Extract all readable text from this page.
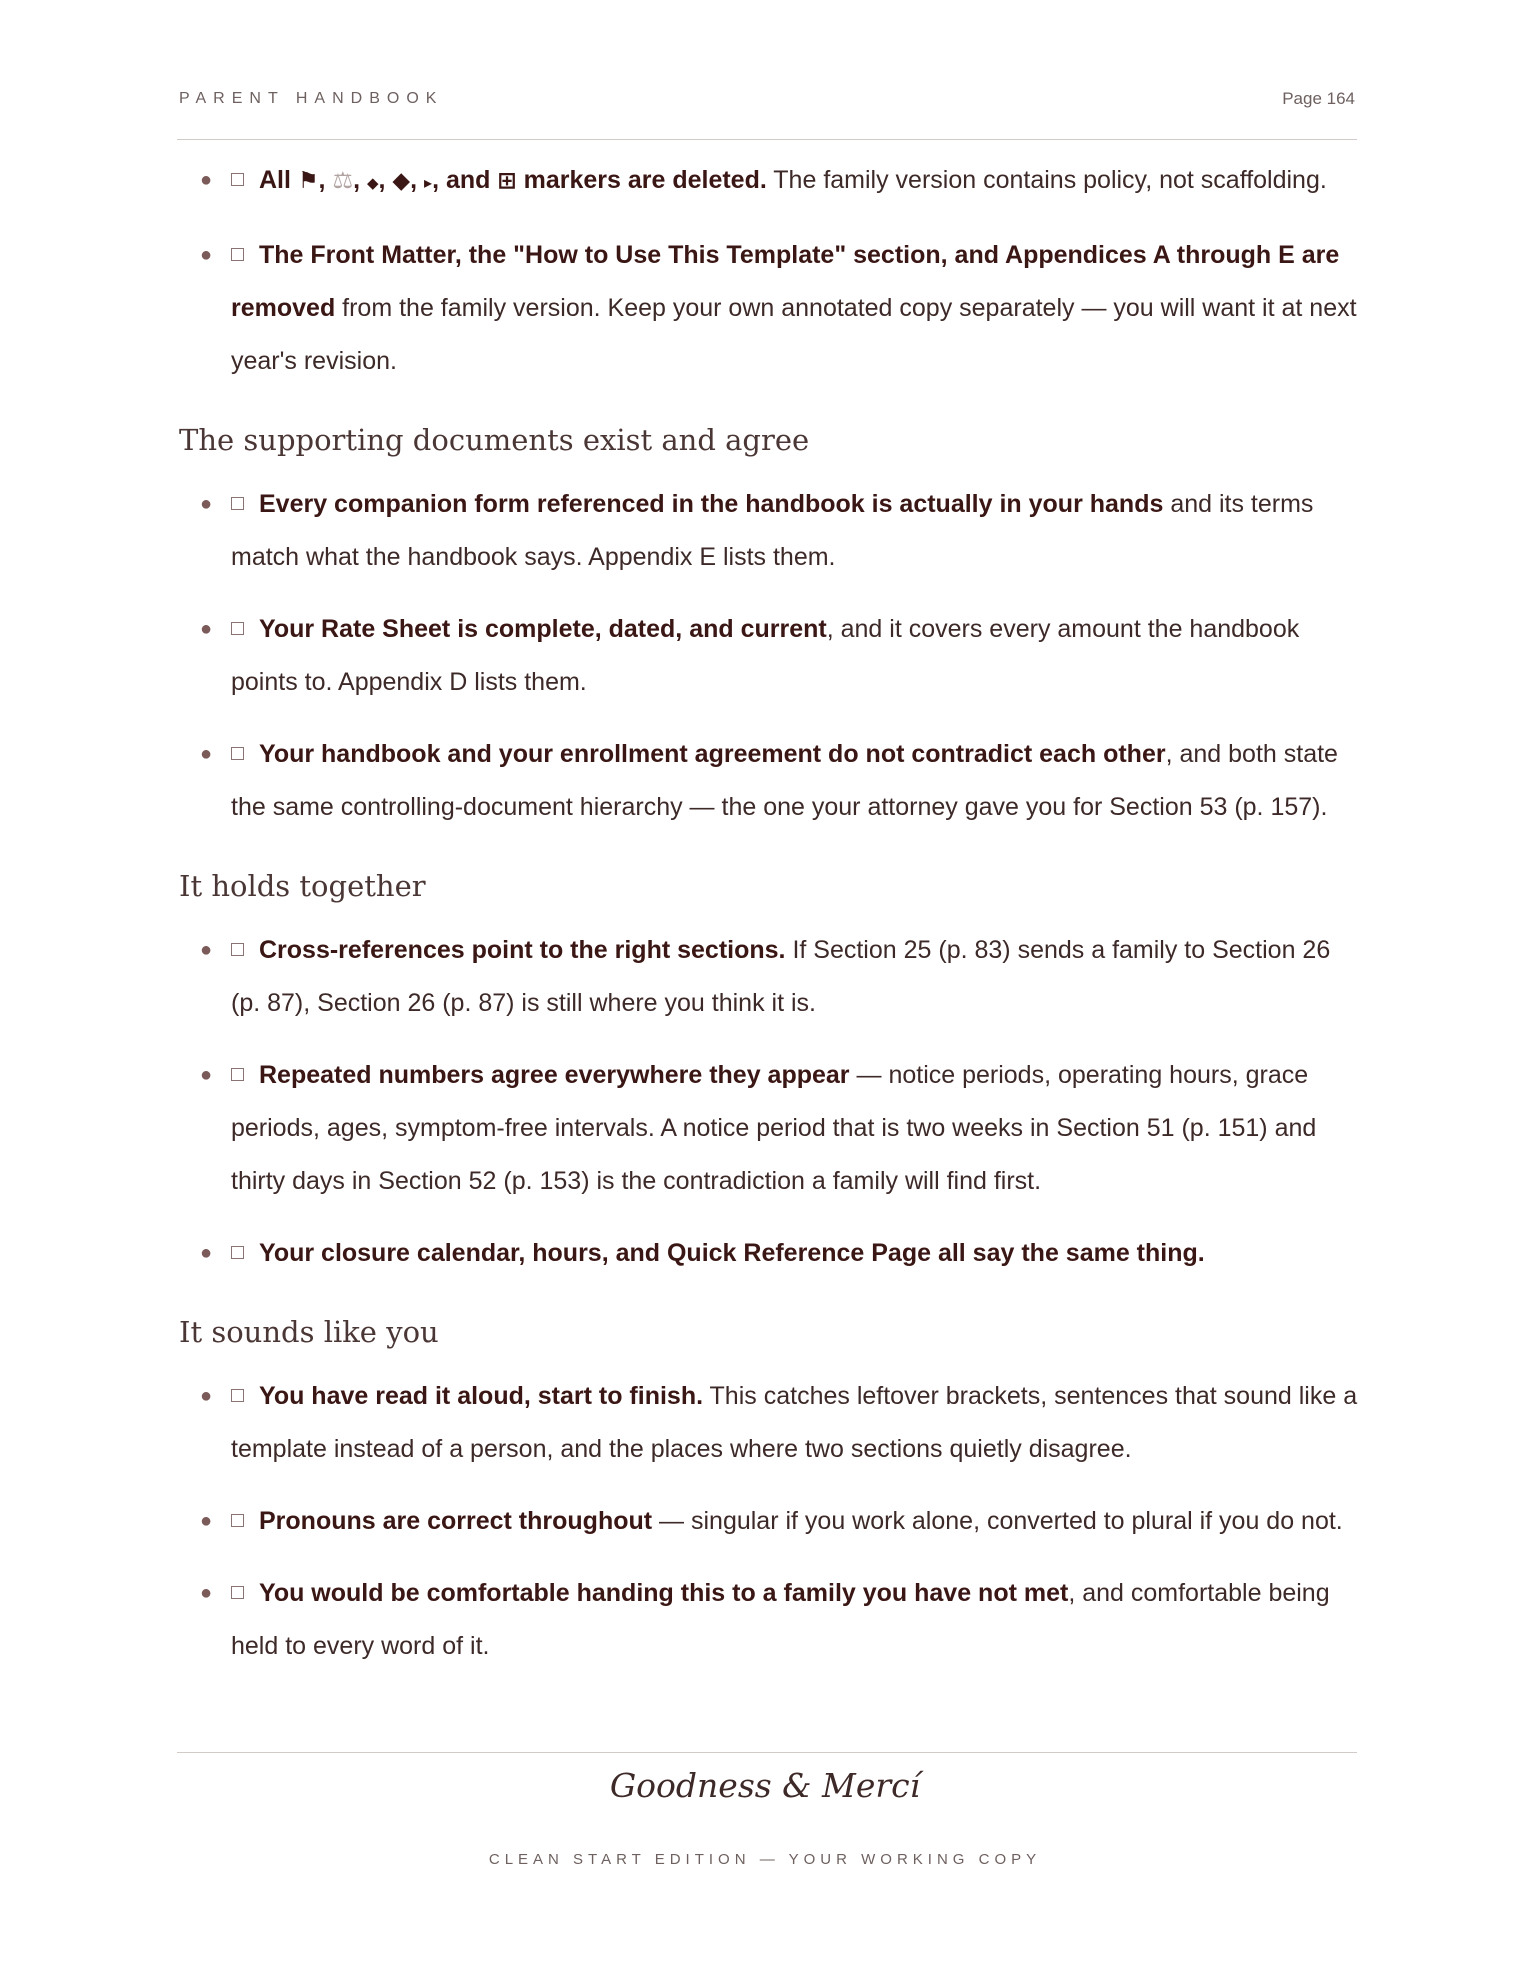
PARENT HANDBOOK	Page 164
● All ⚑, ⚖, ◆, ◆, ▸, and ⊞ markers are deleted. The family version contains policy, not scaffolding.
● The Front Matter, the "How to Use This Template" section, and Appendices A through E are removed from the family version. Keep your own annotated copy separately — you will want it at next year's revision.
The supporting documents exist and agree
● Every companion form referenced in the handbook is actually in your hands and its terms match what the handbook says. Appendix E lists them.
● Your Rate Sheet is complete, dated, and current, and it covers every amount the handbook points to. Appendix D lists them.
● Your handbook and your enrollment agreement do not contradict each other, and both state the same controlling-document hierarchy — the one your attorney gave you for Section 53 (p. 157).
It holds together
● Cross-references point to the right sections. If Section 25 (p. 83) sends a family to Section 26 (p. 87), Section 26 (p. 87) is still where you think it is.
● Repeated numbers agree everywhere they appear — notice periods, operating hours, grace periods, ages, symptom-free intervals. A notice period that is two weeks in Section 51 (p. 151) and thirty days in Section 52 (p. 153) is the contradiction a family will find first.
● Your closure calendar, hours, and Quick Reference Page all say the same thing.
It sounds like you
● You have read it aloud, start to finish. This catches leftover brackets, sentences that sound like a template instead of a person, and the places where two sections quietly disagree.
● Pronouns are correct throughout — singular if you work alone, converted to plural if you do not.
● You would be comfortable handing this to a family you have not met, and comfortable being held to every word of it.
Goodness & Mercí
CLEAN START EDITION — YOUR WORKING COPY
